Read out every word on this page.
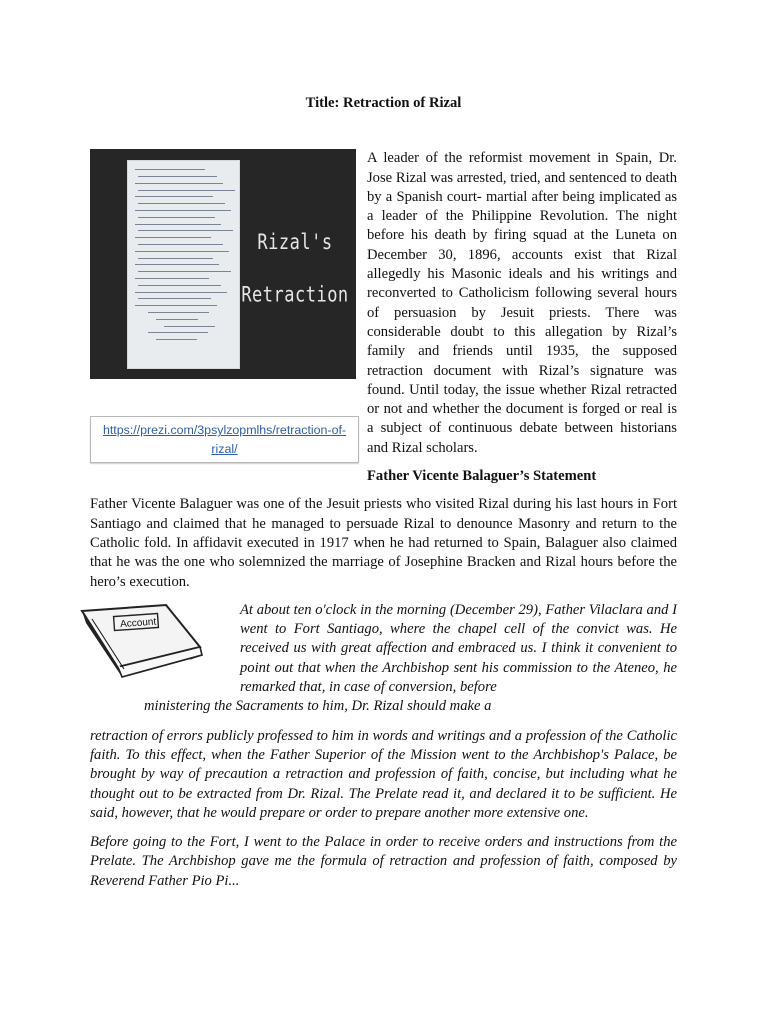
Title: Retraction of Rizal
Rizal's
Retraction
https://prezi.com/3psylzopmlhs/retraction-of-rizal/

A leader of the reformist movement in Spain, Dr. Jose Rizal was arrested, tried, and sentenced to death by a Spanish court- martial after being implicated as a leader of the Philippine Revolution. The night before his death by firing squad at the Luneta on December 30, 1896, accounts exist that Rizal allegedly his Masonic ideals and his writings and reconverted to Catholicism following several hours of persuasion by Jesuit priests. There was considerable doubt to this allegation by Rizal’s family and friends until 1935, the supposed retraction document with Rizal’s signature was found. Until today, the issue whether Rizal retracted or not and whether the document is forged or real is a subject of continuous debate between historians and Rizal scholars.

Father Vicente Balaguer’s Statement

Father Vicente Balaguer was one of the Jesuit priests who visited Rizal during his last hours in Fort Santiago and claimed that he managed to persuade Rizal to denounce Masonry and return to the Catholic fold. In affidavit executed in 1917 when he had returned to Spain, Balaguer also claimed that he was the one who solemnized the marriage of Josephine Bracken and Rizal hours before the hero’s execution.

Account

At about ten o'clock in the morning (December 29), Father Vilaclara and I went to Fort Santiago, where the chapel cell of the convict was. He received us with great affection and embraced us. I think it convenient to point out that when the Archbishop sent his commission to the Ateneo, he remarked that, in case of conversion, before

ministering the Sacraments to him, Dr. Rizal should make a

retraction of errors publicly professed to him in words and writings and a profession of the Catholic faith. To this effect, when the Father Superior of the Mission went to the Archbishop's Palace, be brought by way of precaution a retraction and profession of faith, concise, but including what he thought out to be extracted from Dr. Rizal. The Prelate read it, and declared it to be sufficient. He said, however, that he would prepare or order to prepare another more extensive one.

Before going to the Fort, I went to the Palace in order to receive orders and instructions from the Prelate. The Archbishop gave me the formula of retraction and profession of faith, composed by Reverend Father Pio Pi...
